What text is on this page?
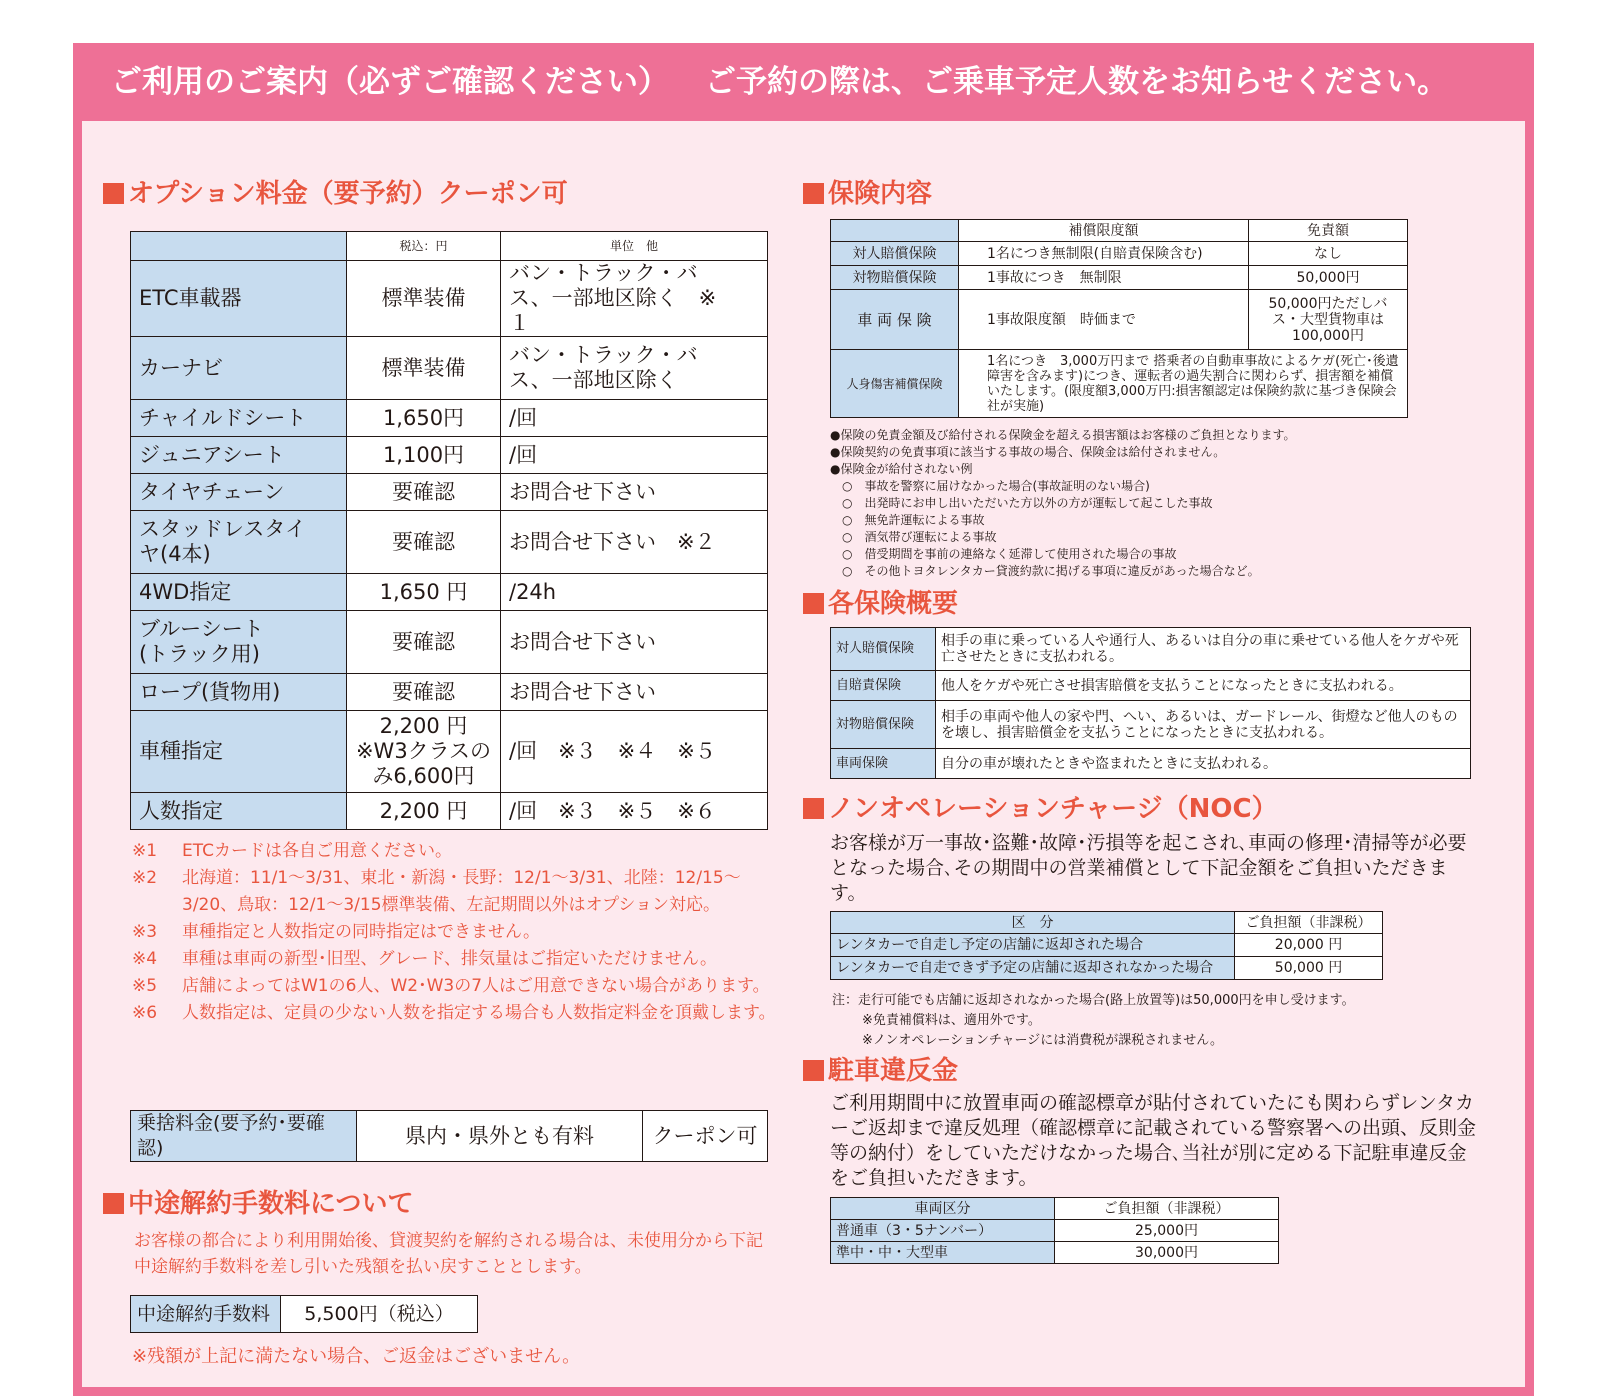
ご利用のご案内（必ずご確認ください） ご予約の際は、ご乗車予定人数をお知らせください。
オプション料金（要予約）クーポン可
	税込：円	単位　他
ETC車載器	標準装備	バン・トラック・バス、一部地区除く　※１
カーナビ	標準装備	バン・トラック・バス、一部地区除く
チャイルドシート	1,650円	/回
ジュニアシート	1,100円	/回
タイヤチェーン	要確認	お問合せ下さい
スタッドレスタイヤ(4本)	要確認	お問合せ下さい　※２
4WD指定	1,650 円	/24h
ブルーシート(トラック用)	要確認	お問合せ下さい
ロープ(貨物用)	要確認	お問合せ下さい
車種指定	2,200 円 ※W3クラスのみ6,600円	/回　※３　※４　※５
人数指定	2,200 円	/回　※３　※５　※６
※1	ETCカードは各自ご用意ください。
※2	北海道：11/1〜3/31、東北・新潟・長野：12/1〜3/31、北陸：12/15〜3/20、鳥取：12/1〜3/15標準装備、左記期間以外はオプション対応。
※3	車種指定と人数指定の同時指定はできません。
※4	車種は車両の新型･旧型、グレード、排気量はご指定いただけません。
※5	店舗によってはW1の6人、W2･W3の7人はご用意できない場合があります。
※6	人数指定は、定員の少ない人数を指定する場合も人数指定料金を頂戴します。
乗捨料金(要予約･要確認)	県内・県外とも有料	クーポン可
中途解約手数料について
お客様の都合により利用開始後、貸渡契約を解約される場合は、未使用分から下記中途解約手数料を差し引いた残額を払い戻すこととします。
中途解約手数料	5,500円（税込）
※残額が上記に満たない場合、ご返金はございません。
保険内容
	補償限度額	免責額
対人賠償保険	1名につき無制限(自賠責保険含む)	なし
対物賠償保険	1事故につき　無制限	50,000円
車 両 保 険	1事故限度額　時価まで	50,000円ただしバス・大型貨物車は100,000円
人身傷害補償保険	1名につき　3,000万円まで 搭乗者の自動車事故によるケガ(死亡･後遺障害を含みます)につき、運転者の過失割合に関わらず、損害額を補償いたします。(限度額3,000万円:損害額認定は保険約款に基づき保険会社が実施)	
●保険の免責金額及び給付される保険金を超える損害額はお客様のご負担となります。
●保険契約の免責事項に該当する事故の場合、保険金は給付されません。
●保険金が給付されない例
○　事故を警察に届けなかった場合(事故証明のない場合)
○　出発時にお申し出いただいた方以外の方が運転して起こした事故
○　無免許運転による事故
○　酒気帯び運転による事故
○　借受期間を事前の連絡なく延滞して使用された場合の事故
○　その他トヨタレンタカー貸渡約款に掲げる事項に違反があった場合など。
各保険概要
対人賠償保険	相手の車に乗っている人や通行人、あるいは自分の車に乗せている他人をケガや死亡させたときに支払われる。
自賠責保険	他人をケガや死亡させ損害賠償を支払うことになったときに支払われる。
対物賠償保険	相手の車両や他人の家や門、へい、あるいは、ガードレール、街燈など他人のものを壊し、損害賠償金を支払うことになったときに支払われる。
車両保険	自分の車が壊れたときや盗まれたときに支払われる。
ノンオペレーションチャージ（NOC）
お客様が万一事故･盗難･故障･汚損等を起こされ､車両の修理･清掃等が必要となった場合､その期間中の営業補償として下記金額をご負担いただきます。
区　分	ご負担額（非課税）
レンタカーで自走し予定の店舗に返却された場合	20,000 円
レンタカーで自走できず予定の店舗に返却されなかった場合	50,000 円
注：走行可能でも店舗に返却されなかった場合(路上放置等)は50,000円を申し受けます。
※免責補償料は、適用外です。
※ノンオペレーションチャージには消費税が課税されません。
駐車違反金
ご利用期間中に放置車両の確認標章が貼付されていたにも関わらずレンタカーご返却まで違反処理（確認標章に記載されている警察署への出頭、反則金等の納付）をしていただけなかった場合､当社が別に定める下記駐車違反金をご負担いただきます。
車両区分	ご負担額（非課税）
普通車（3・5ナンバー）	25,000円
準中・中・大型車	30,000円
